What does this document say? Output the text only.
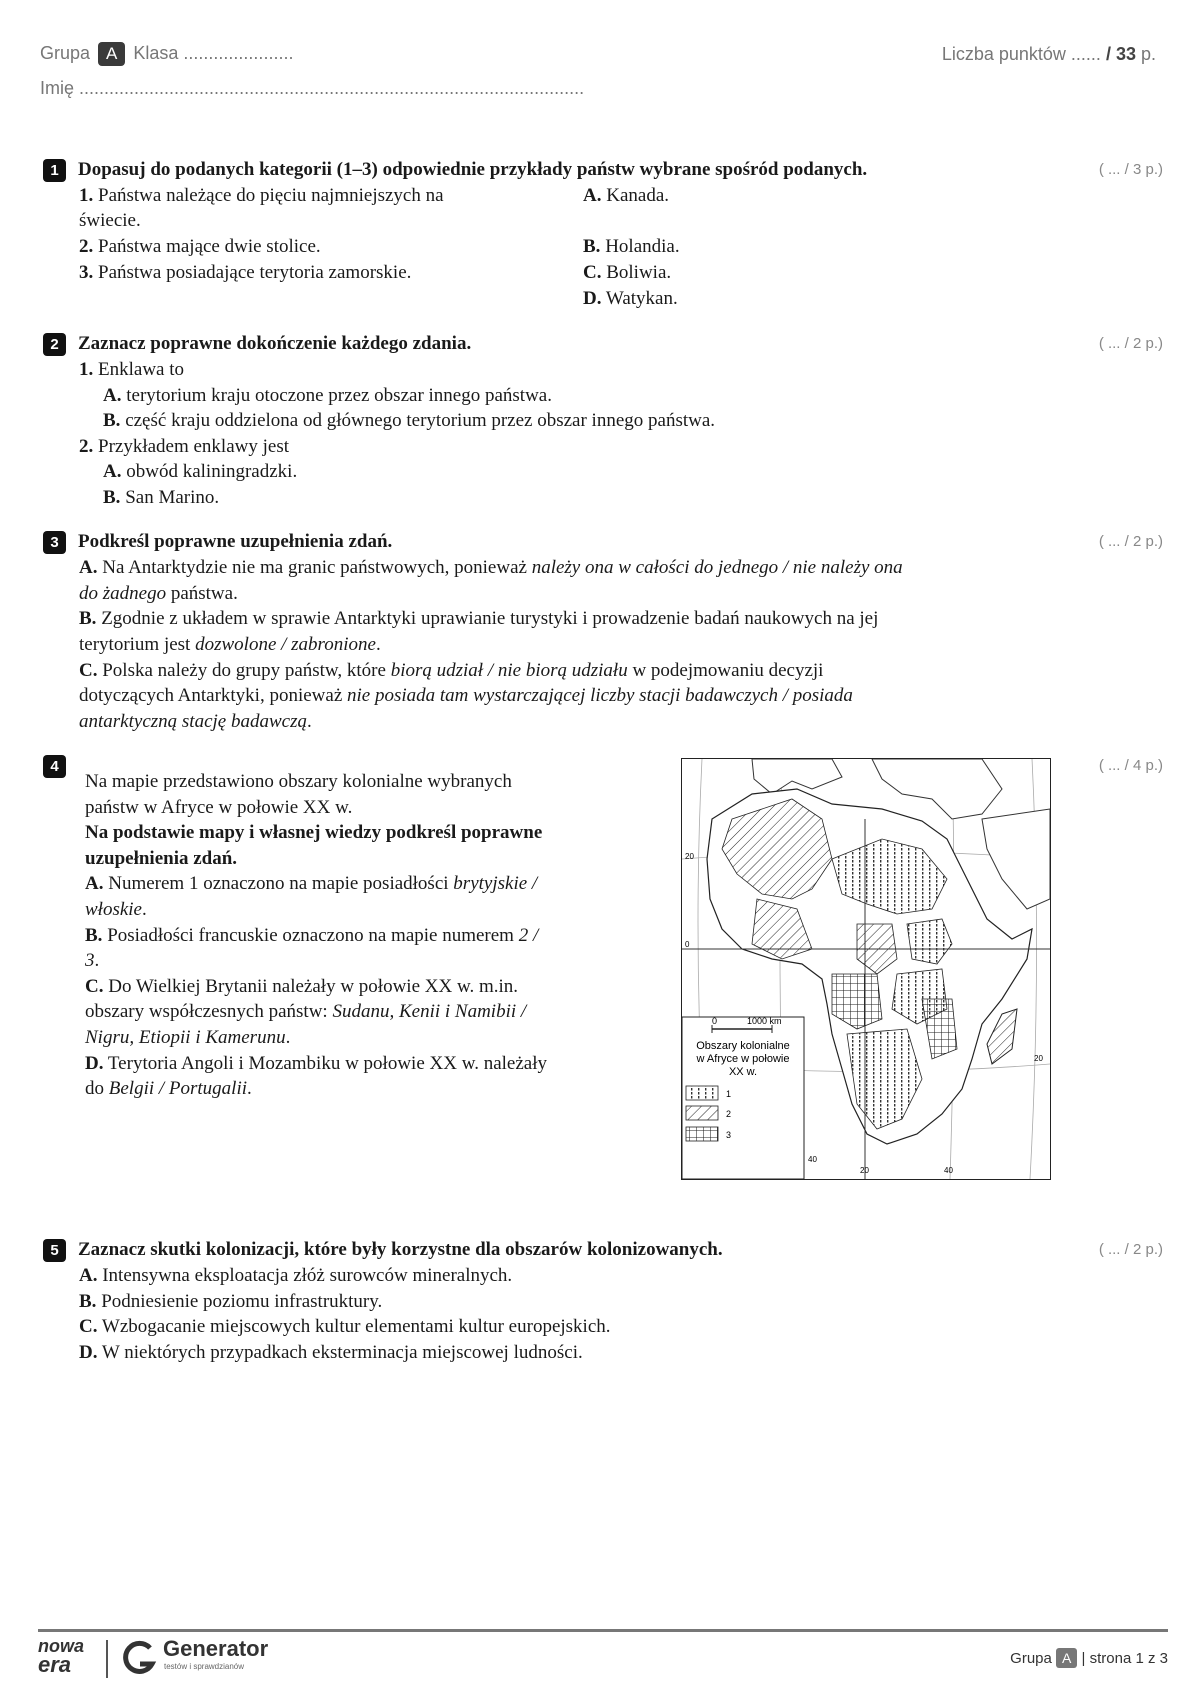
Grupa A Klasa ......................
Imię .....................................................................................................
Liczba punktów ...... / 33 p.
1	Dopasuj do podanych kategorii (1–3) odpowiednie przykłady państw wybrane spośród podanych.	( ... / 3 p.)
1. Państwa należące do pięciu najmniejszych na
świecie.
2. Państwa mające dwie stolice.
3. Państwa posiadające terytoria zamorskie.
A. Kanada.
B. Holandia.
C. Boliwia.
D. Watykan.
2	Zaznacz poprawne dokończenie każdego zdania.	( ... / 2 p.)
1. Enklawa to
A. terytorium kraju otoczone przez obszar innego państwa.
B. część kraju oddzielona od głównego terytorium przez obszar innego państwa.
2. Przykładem enklawy jest
A. obwód kaliningradzki.
B. San Marino.
3	Podkreśl poprawne uzupełnienia zdań.	( ... / 2 p.)
A. Na Antarktydzie nie ma granic państwowych, ponieważ należy ona w całości do jednego / nie należy ona
do żadnego państwa.
B. Zgodnie z układem w sprawie Antarktyki uprawianie turystyki i prowadzenie badań naukowych na jej
terytorium jest dozwolone / zabronione.
C. Polska należy do grupy państw, które biorą udział / nie biorą udziału w podejmowaniu decyzji
dotyczących Antarktyki, ponieważ nie posiada tam wystarczającej liczby stacji badawczych / posiada
antarktyczną stację badawczą.
4	( ... / 4 p.)
Na mapie przedstawiono obszary kolonialne wybranych
państw w Afryce w połowie XX w.
Na podstawie mapy i własnej wiedzy podkreśl poprawne
uzupełnienia zdań.
A. Numerem 1 oznaczono na mapie posiadłości brytyjskie /
włoskie.
B. Posiadłości francuskie oznaczono na mapie numerem 2 /
3.
C. Do Wielkiej Brytanii należały w połowie XX w. m.in.
obszary współczesnych państw: Sudanu, Kenii i Namibii /
Nigru, Etiopii i Kamerunu.
D. Terytoria Angoli i Mozambiku w połowie XX w. należały
do Belgii / Portugalii.
0	1000 km
Obszary kolonialne
w Afryce w połowie
XX w.
1
2
3
20
0
20
40
20	40
5	Zaznacz skutki kolonizacji, które były korzystne dla obszarów kolonizowanych.	( ... / 2 p.)
A. Intensywna eksploatacja złóż surowców mineralnych.
B. Podniesienie poziomu infrastruktury.
C. Wzbogacanie miejscowych kultur elementami kultur europejskich.
D. W niektórych przypadkach eksterminacja miejscowej ludności.
nowa
era
Generator
testów i sprawdzianów	Grupa A | strona 1 z 3
